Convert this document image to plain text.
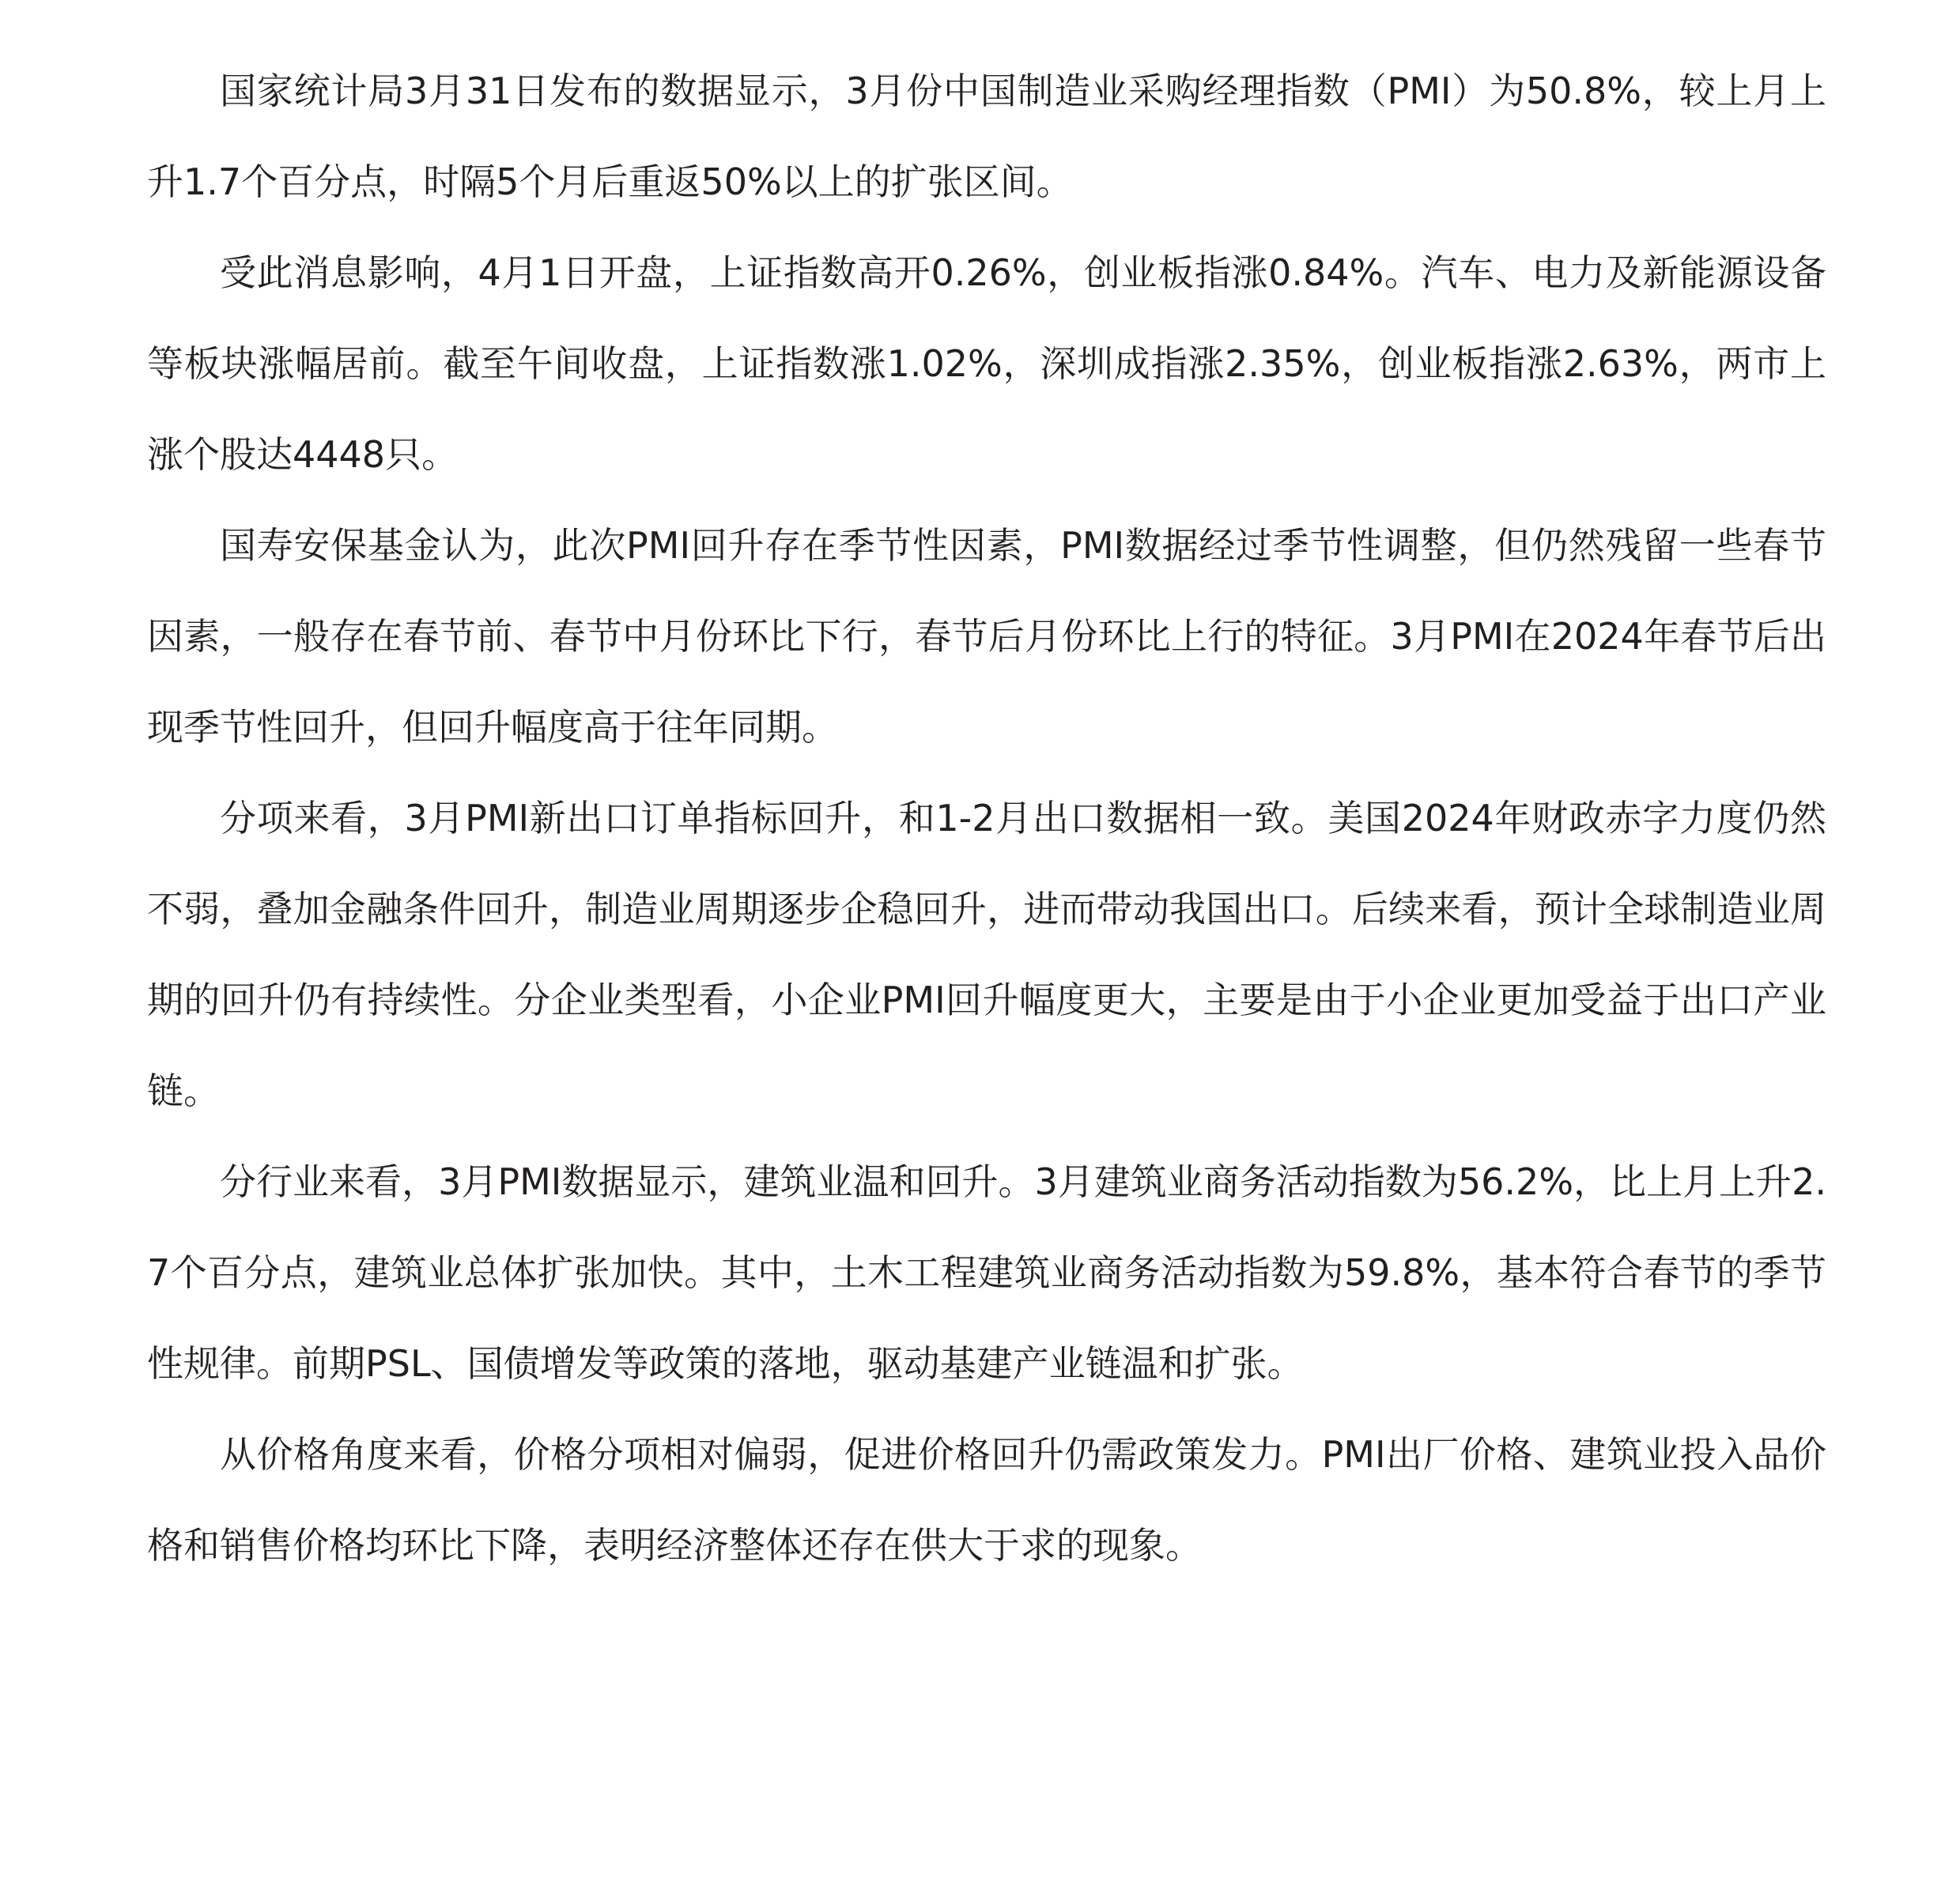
国家统计局3月31日发布的数据显示，3月份中国制造业采购经理指数（PMI）为50.8%，较上月上升1.7个百分点，时隔5个月后重返50%以上的扩张区间。

受此消息影响，4月1日开盘，上证指数高开0.26%，创业板指涨0.84%。汽车、电力及新能源设备等板块涨幅居前。截至午间收盘，上证指数涨1.02%，深圳成指涨2.35%，创业板指涨2.63%，两市上涨个股达4448只。

国寿安保基金认为，此次PMI回升存在季节性因素，PMI数据经过季节性调整，但仍然残留一些春节因素，一般存在春节前、春节中月份环比下行，春节后月份环比上行的特征。3月PMI在2024年春节后出现季节性回升，但回升幅度高于往年同期。

分项来看，3月PMI新出口订单指标回升，和1-2月出口数据相一致。美国2024年财政赤字力度仍然不弱，叠加金融条件回升，制造业周期逐步企稳回升，进而带动我国出口。后续来看，预计全球制造业周期的回升仍有持续性。分企业类型看，小企业PMI回升幅度更大，主要是由于小企业更加受益于出口产业链。

分行业来看，3月PMI数据显示，建筑业温和回升。3月建筑业商务活动指数为56.2%，比上月上升2.7个百分点，建筑业总体扩张加快。其中，土木工程建筑业商务活动指数为59.8%，基本符合春节的季节性规律。前期PSL、国债增发等政策的落地，驱动基建产业链温和扩张。

从价格角度来看，价格分项相对偏弱，促进价格回升仍需政策发力。PMI出厂价格、建筑业投入品价格和销售价格均环比下降，表明经济整体还存在供大于求的现象。
